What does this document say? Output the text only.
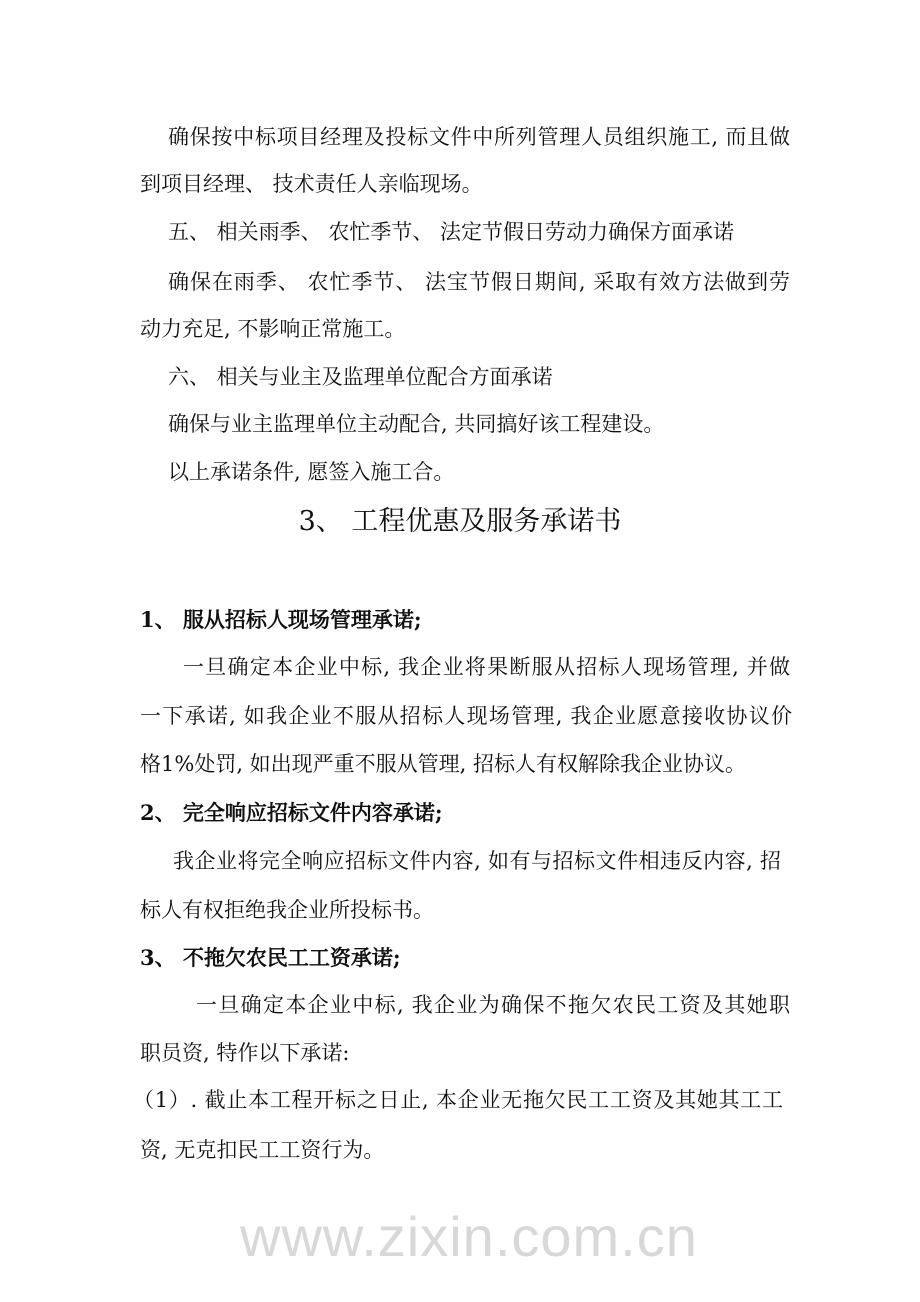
确保按中标项目经理及投标文件中所列管理人员组织施工, 而且做
到项目经理、 技术责任人亲临现场。
五、 相关雨季、 农忙季节、 法定节假日劳动力确保方面承诺
确保在雨季、 农忙季节、 法宝节假日期间, 采取有效方法做到劳
动力充足, 不影响正常施工。
六、 相关与业主及监理单位配合方面承诺
确保与业主监理单位主动配合, 共同搞好该工程建设。
以上承诺条件, 愿签入施工合。
3、 工程优惠及服务承诺书
1、 服从招标人现场管理承诺;
一旦确定本企业中标, 我企业将果断服从招标人现场管理, 并做
一下承诺, 如我企业不服从招标人现场管理, 我企业愿意接收协议价
格1%处罚, 如出现严重不服从管理, 招标人有权解除我企业协议。
2、 完全响应招标文件内容承诺;
我企业将完全响应招标文件内容, 如有与招标文件相违反内容, 招
标人有权拒绝我企业所投标书。
3、 不拖欠农民工工资承诺;
一旦确定本企业中标, 我企业为确保不拖欠农民工资及其她职
职员资, 特作以下承诺:
（1）. 截止本工程开标之日止, 本企业无拖欠民工工资及其她其工工
资, 无克扣民工工资行为。
www.zixin.com.cn
